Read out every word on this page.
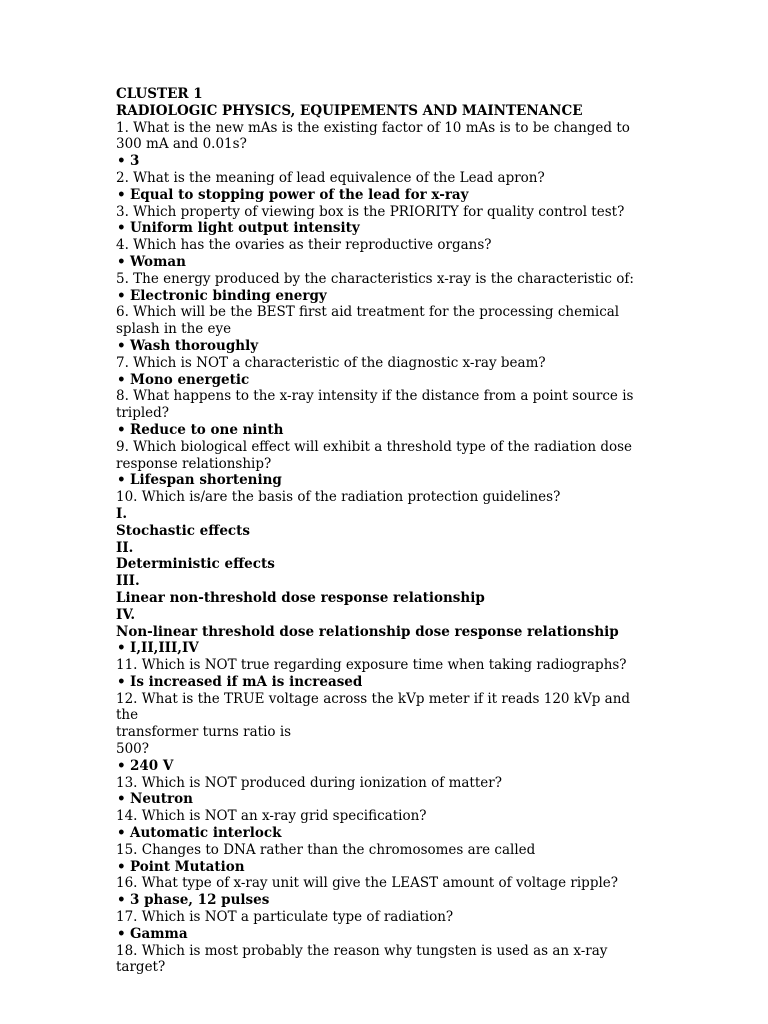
CLUSTER 1

RADIOLOGIC PHYSICS, EQUIPEMENTS AND MAINTENANCE

1. What is the new mAs is the existing factor of 10 mAs is to be changed to 300 mA and 0.01s?

• 3

2. What is the meaning of lead equivalence of the Lead apron?

• Equal to stopping power of the lead for x-ray

3. Which property of viewing box is the PRIORITY for quality control test?

• Uniform light output intensity

4. Which has the ovaries as their reproductive organs?

• Woman

5. The energy produced by the characteristics x-ray is the characteristic of:

• Electronic binding energy

6. Which will be the BEST first aid treatment for the processing chemical splash in the eye

• Wash thoroughly

7. Which is NOT a characteristic of the diagnostic x-ray beam?

• Mono energetic

8. What happens to the x-ray intensity if the distance from a point source is tripled?

• Reduce to one ninth

9. Which biological effect will exhibit a threshold type of the radiation dose response relationship?

• Lifespan shortening

10. Which is/are the basis of the radiation protection guidelines?

I.

Stochastic effects

II.

Deterministic effects

III.

Linear non-threshold dose response relationship

IV.

Non-linear threshold dose relationship dose response relationship

• I,II,III,IV

11. Which is NOT true regarding exposure time when taking radiographs?

• Is increased if mA is increased

12. What is the TRUE voltage across the kVp meter if it reads 120 kVp and the

transformer turns ratio is

500?

• 240 V

13. Which is NOT produced during ionization of matter?

• Neutron

14. Which is NOT an x-ray grid specification?

• Automatic interlock

15. Changes to DNA rather than the chromosomes are called

• Point Mutation

16. What type of x-ray unit will give the LEAST amount of voltage ripple?

• 3 phase, 12 pulses

17. Which is NOT a particulate type of radiation?

• Gamma

18. Which is most probably the reason why tungsten is used as an x-ray target?
